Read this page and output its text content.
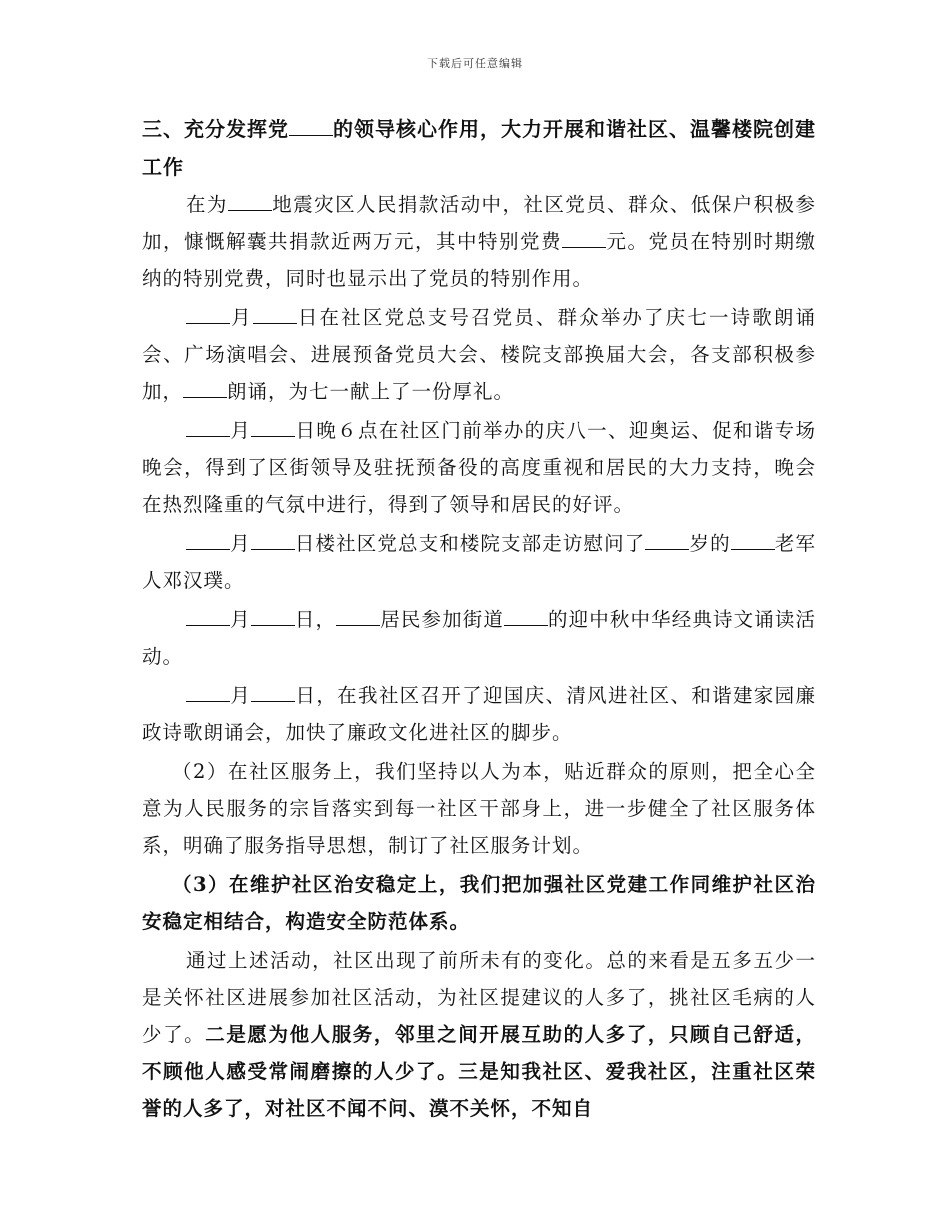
下载后可任意编辑

三、充分发挥党 的领导核心作用，大力开展和谐社区、温馨楼院创建工作

在为 地震灾区人民捐款活动中，社区党员、群众、低保户积极参加，慷慨解囊共捐款近两万元，其中特别党费 元。党员在特别时期缴纳的特别党费，同时也显示出了党员的特别作用。

月 日在社区党总支号召党员、群众举办了庆七一诗歌朗诵会、广场演唱会、进展预备党员大会、楼院支部换届大会，各支部积极参加， 朗诵，为七一献上了一份厚礼。

月 日晚６点在社区门前举办的庆八一、迎奥运、促和谐专场晚会，得到了区街领导及驻抚预备役的高度重视和居民的大力支持，晚会在热烈隆重的气氛中进行，得到了领导和居民的好评。

月 日楼社区党总支和楼院支部走访慰问了 岁的 老军人邓汉璞。

月 日， 居民参加街道 的迎中秋中华经典诗文诵读活动。

月 日，在我社区召开了迎国庆、清风进社区、和谐建家园廉政诗歌朗诵会，加快了廉政文化进社区的脚步。

（2）在社区服务上，我们坚持以人为本，贴近群众的原则，把全心全意为人民服务的宗旨落实到每一社区干部身上，进一步健全了社区服务体系，明确了服务指导思想，制订了社区服务计划。

（3）在维护社区治安稳定上，我们把加强社区党建工作同维护社区治安稳定相结合，构造安全防范体系。

通过上述活动，社区出现了前所未有的变化。总的来看是五多五少一是关怀社区进展参加社区活动，为社区提建议的人多了，挑社区毛病的人少了。二是愿为他人服务，邻里之间开展互助的人多了，只顾自己舒适，不顾他人感受常闹磨擦的人少了。三是知我社区、爱我社区，注重社区荣誉的人多了，对社区不闻不问、漠不关怀，不知自
